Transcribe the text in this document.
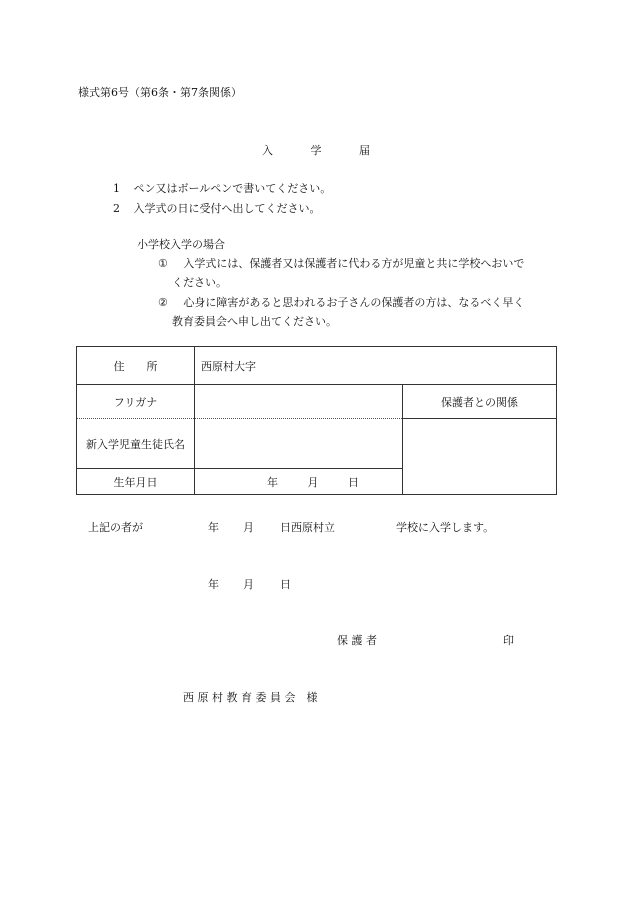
様式第6号（第6条・第7条関係）
入	学	届
1 ペン又はボールペンで書いてください。
2 入学式の日に受付へ出してください。
小学校入学の場合
① 入学式には、保護者又は保護者に代わる方が児童と共に学校へおいで
ください。
② 心身に障害があると思われるお子さんの保護者の方は、なるべく早く
教育委員会へ申し出てください。
住 所	西原村大字	
フリガナ		保護者との関係
新入学児童生徒氏名		
生年月日	年 月 日	
上記の者が	年 月 日西原村立	学校に入学します。
年 月 日
保 護 者	印
西 原 村 教 育 委 員 会　様
